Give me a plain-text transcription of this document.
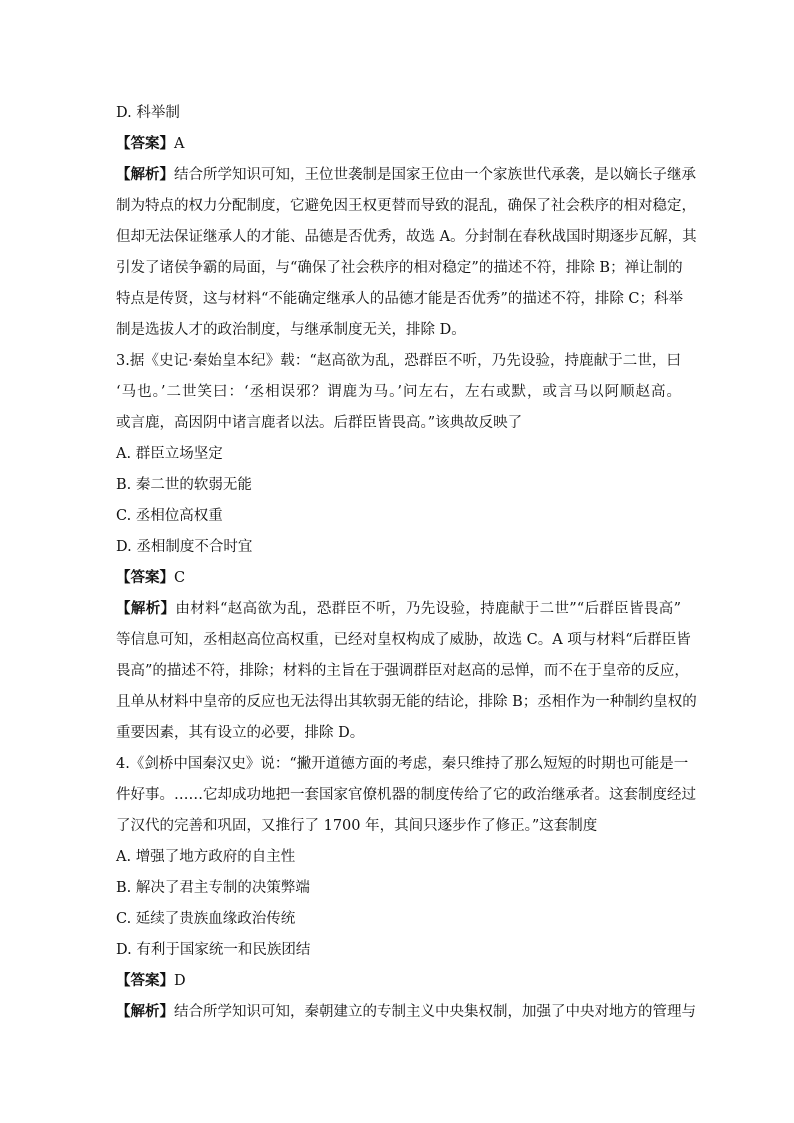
D. 科举制
【答案】A
【解析】结合所学知识可知，王位世袭制是国家王位由一个家族世代承袭，是以嫡长子继承
制为特点的权力分配制度，它避免因王权更替而导致的混乱，确保了社会秩序的相对稳定，
但却无法保证继承人的才能、品德是否优秀，故选 A。分封制在春秋战国时期逐步瓦解，其
引发了诸侯争霸的局面，与“确保了社会秩序的相对稳定”的描述不符，排除 B；禅让制的
特点是传贤，这与材料“不能确定继承人的品德才能是否优秀”的描述不符，排除 C；科举
制是选拔人才的政治制度，与继承制度无关，排除 D。
3.据《史记·秦始皇本纪》载：“赵高欲为乱，恐群臣不听，乃先设验，持鹿献于二世，曰
‘马也。’二世笑曰：‘丞相误邪？谓鹿为马。’问左右，左右或默，或言马以阿顺赵高。
或言鹿，高因阴中诸言鹿者以法。后群臣皆畏高。”该典故反映了
A. 群臣立场坚定
B. 秦二世的软弱无能
C. 丞相位高权重
D. 丞相制度不合时宜
【答案】C
【解析】由材料“赵高欲为乱，恐群臣不听，乃先设验，持鹿献于二世”“后群臣皆畏高”
等信息可知，丞相赵高位高权重，已经对皇权构成了威胁，故选 C。A 项与材料“后群臣皆
畏高”的描述不符，排除；材料的主旨在于强调群臣对赵高的忌惮，而不在于皇帝的反应，
且单从材料中皇帝的反应也无法得出其软弱无能的结论，排除 B；丞相作为一种制约皇权的
重要因素，其有设立的必要，排除 D。
4.《剑桥中国秦汉史》说：“撇开道德方面的考虑，秦只维持了那么短短的时期也可能是一
件好事。……它却成功地把一套国家官僚机器的制度传给了它的政治继承者。这套制度经过
了汉代的完善和巩固，又推行了 1700 年，其间只逐步作了修正。”这套制度
A. 增强了地方政府的自主性
B. 解决了君主专制的决策弊端
C. 延续了贵族血缘政治传统
D. 有利于国家统一和民族团结
【答案】D
【解析】结合所学知识可知，秦朝建立的专制主义中央集权制，加强了中央对地方的管理与
